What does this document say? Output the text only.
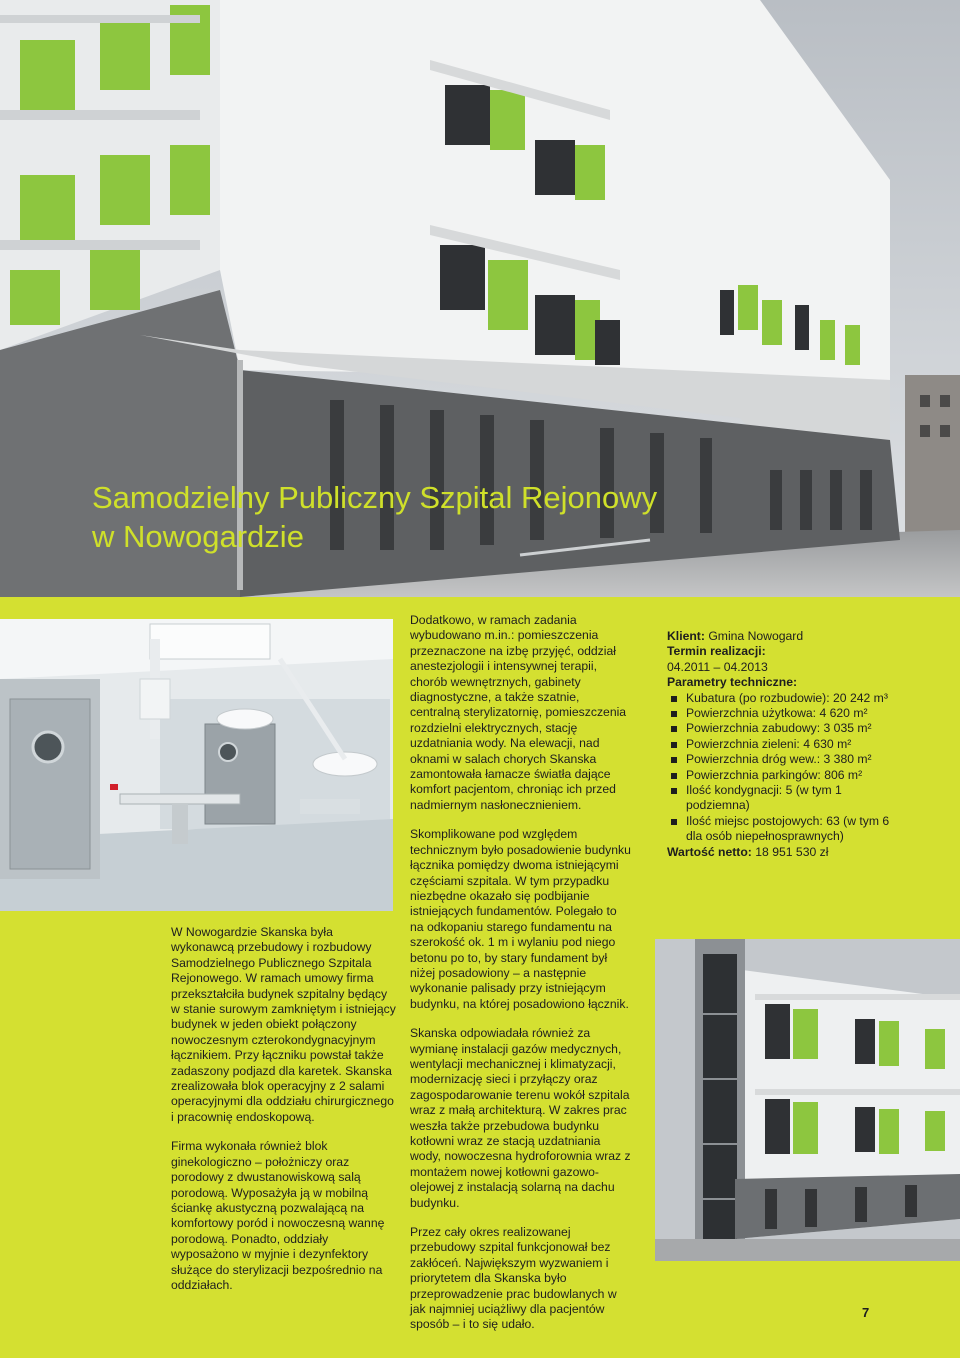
Samodzielny Publiczny Szpital Rejonowy
w Nowogardzie

W Nowogardzie Skanska była wykonawcą przebudowy i rozbudowy Samodzielnego Publicznego Szpitala Rejonowego. W ramach umowy firma przekształciła budynek szpitalny będący w stanie surowym zamkniętym i istniejący budynek w jeden obiekt połączony nowoczesnym czterokondygnacyjnym łącznikiem. Przy łączniku powstał także zadaszony podjazd dla karetek. Skanska zrealizowała blok operacyjny z 2 salami operacyjnymi dla oddziału chirurgicznego i pracownię endoskopową.

Firma wykonała również blok ginekologiczno – położniczy oraz porodowy z dwustanowiskową salą porodową. Wyposażyła ją w mobilną ściankę akustyczną pozwalającą na komfortowy poród i nowoczesną wannę porodową. Ponadto, oddziały wyposażono w myjnie i dezynfektory służące do sterylizacji bezpośrednio na oddziałach.

Dodatkowo, w ramach zadania wybudowano m.in.: pomieszczenia przeznaczone na izbę przyjęć, oddział anestezjologii i intensywnej terapii, chorób wewnętrznych, gabinety diagnostyczne, a także szatnie, centralną sterylizatornię, pomieszczenia rozdzielni elektrycznych, stację uzdatniania wody. Na elewacji, nad oknami w salach chorych Skanska zamontowała łamacze światła dające komfort pacjentom, chroniąc ich przed nadmiernym nasłonecznieniem.

Skomplikowane pod względem technicznym było posadowienie budynku łącznika pomiędzy dwoma istniejącymi częściami szpitala. W tym przypadku niezbędne okazało się podbijanie istniejących fundamentów. Polegało to na odkopaniu starego fundamentu na szerokość ok. 1 m i wylaniu pod niego betonu po to, by stary fundament był niżej posadowiony – a następnie wykonanie palisady przy istniejącym budynku, na której posadowiono łącznik.

Skanska odpowiadała również za wymianę instalacji gazów medycznych, wentylacji mechanicznej i klimatyzacji, modernizację sieci i przyłączy oraz zagospodarowanie terenu wokół szpitala wraz z małą architekturą. W zakres prac weszła także przebudowa budynku kotłowni wraz ze stacją uzdatniania wody, nowoczesna hydroforownia wraz z montażem nowej kotłowni gazowo-olejowej z instalacją solarną na dachu budynku.

Przez cały okres realizowanej przebudowy szpital funkcjonował bez zakłóceń. Największym wyzwaniem i priorytetem dla Skanska było przeprowadzenie prac budowlanych w jak najmniej uciążliwy dla pacjentów sposób – i to się udało.

Klient: Gmina Nowogard
Termin realizacji:
04.2011 – 04.2013
Parametry techniczne:
Kubatura (po rozbudowie): 20 242 m³
Powierzchnia użytkowa: 4 620 m²
Powierzchnia zabudowy: 3 035 m²
Powierzchnia zieleni: 4 630 m²
Powierzchnia dróg wew.: 3 380 m²
Powierzchnia parkingów: 806 m²
Ilość kondygnacji: 5 (w tym 1 podziemna)
Ilość miejsc postojowych: 63 (w tym 6 dla osób niepełnosprawnych)
Wartość netto: 18 951 530 zł
7
